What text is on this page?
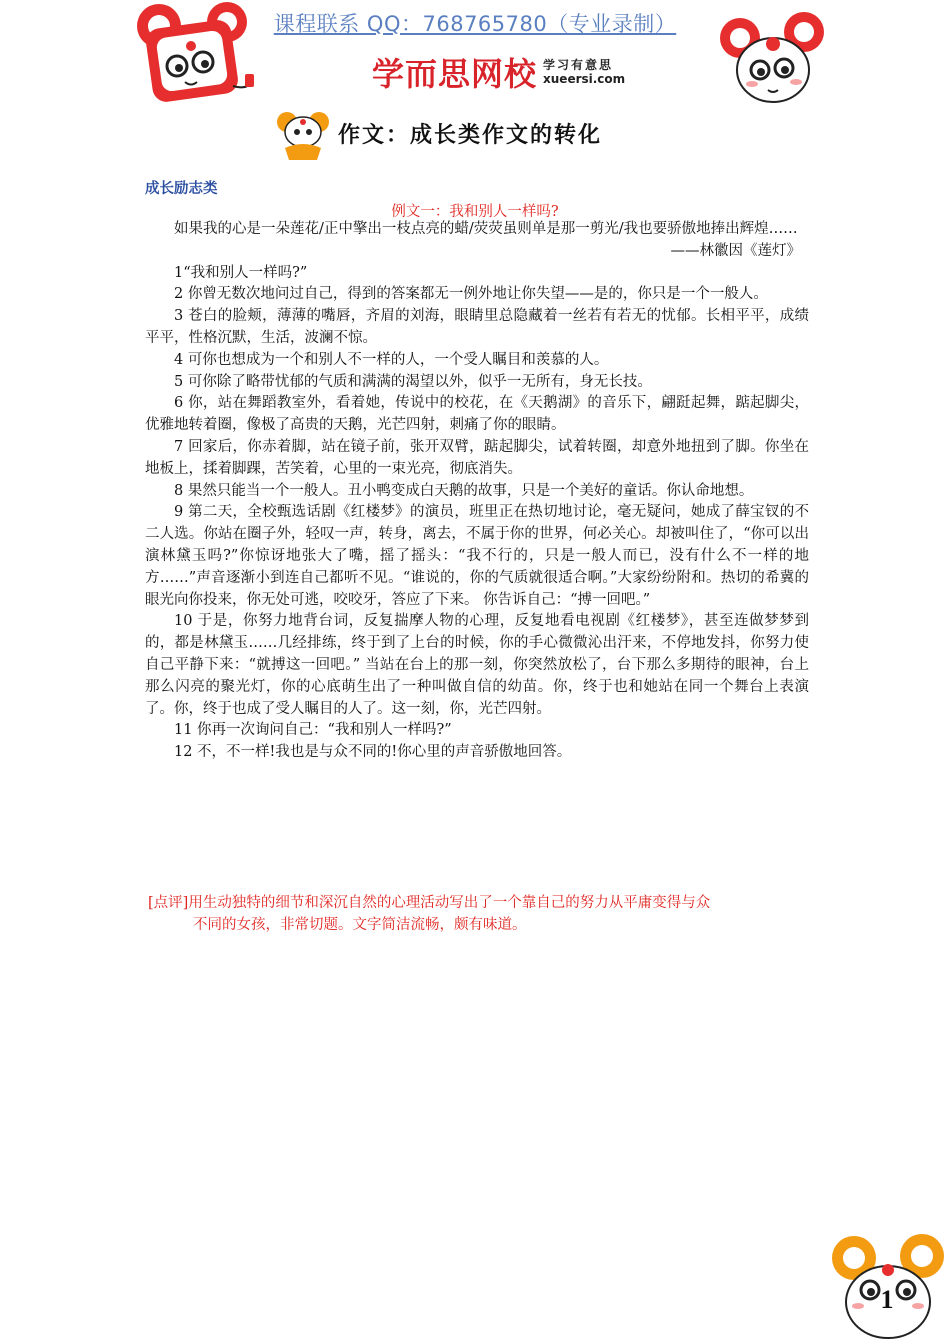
课程联系 QQ：768765780（专业录制）
学而思网校 学习有意思
xueersi.com
作文：成长类作文的转化
成长励志类
例文一：我和别人一样吗?

如果我的心是一朵莲花/正中擎出一枝点亮的蜡/荧荧虽则单是那一剪光/我也要骄傲地捧出辉煌……

——林徽因《莲灯》

1“我和别人一样吗?”

2 你曾无数次地问过自己，得到的答案都无一例外地让你失望——是的，你只是一个一般人。

3 苍白的脸颊，薄薄的嘴唇，齐眉的刘海，眼睛里总隐藏着一丝若有若无的忧郁。长相平平，成绩平平，性格沉默，生活，波澜不惊。

4 可你也想成为一个和别人不一样的人，一个受人瞩目和羡慕的人。

5 可你除了略带忧郁的气质和满满的渴望以外，似乎一无所有，身无长技。

6 你，站在舞蹈教室外，看着她，传说中的校花，在《天鹅湖》的音乐下，翩跹起舞，踮起脚尖，优雅地转着圈，像极了高贵的天鹅，光芒四射，刺痛了你的眼睛。

7 回家后，你赤着脚，站在镜子前，张开双臂，踮起脚尖，试着转圈，却意外地扭到了脚。你坐在地板上，揉着脚踝，苦笑着，心里的一束光亮，彻底消失。

8 果然只能当一个一般人。丑小鸭变成白天鹅的故事，只是一个美好的童话。你认命地想。

9 第二天，全校甄选话剧《红楼梦》的演员，班里正在热切地讨论，毫无疑问，她成了薛宝钗的不二人选。你站在圈子外，轻叹一声，转身，离去，不属于你的世界，何必关心。却被叫住了，“你可以出演林黛玉吗?”你惊讶地张大了嘴，摇了摇头：“我不行的，只是一般人而已，没有什么不一样的地方……”声音逐渐小到连自己都听不见。“谁说的，你的气质就很适合啊。”大家纷纷附和。热切的希冀的眼光向你投来，你无处可逃，咬咬牙，答应了下来。 你告诉自己：“搏一回吧。”

10 于是，你努力地背台词，反复揣摩人物的心理，反复地看电视剧《红楼梦》，甚至连做梦梦到的，都是林黛玉……几经排练，终于到了上台的时候，你的手心微微沁出汗来，不停地发抖，你努力使自己平静下来：“就搏这一回吧。” 当站在台上的那一刻，你突然放松了，台下那么多期待的眼神，台上那么闪亮的聚光灯，你的心底萌生出了一种叫做自信的幼苗。你，终于也和她站在同一个舞台上表演了。你，终于也成了受人瞩目的人了。这一刻，你，光芒四射。

11 你再一次询问自己：“我和别人一样吗?”

12 不，不一样!我也是与众不同的!你心里的声音骄傲地回答。

[点评]用生动独特的细节和深沉自然的心理活动写出了一个靠自己的努力从平庸变得与众
不同的女孩，非常切题。文字简洁流畅，颇有味道。
1
